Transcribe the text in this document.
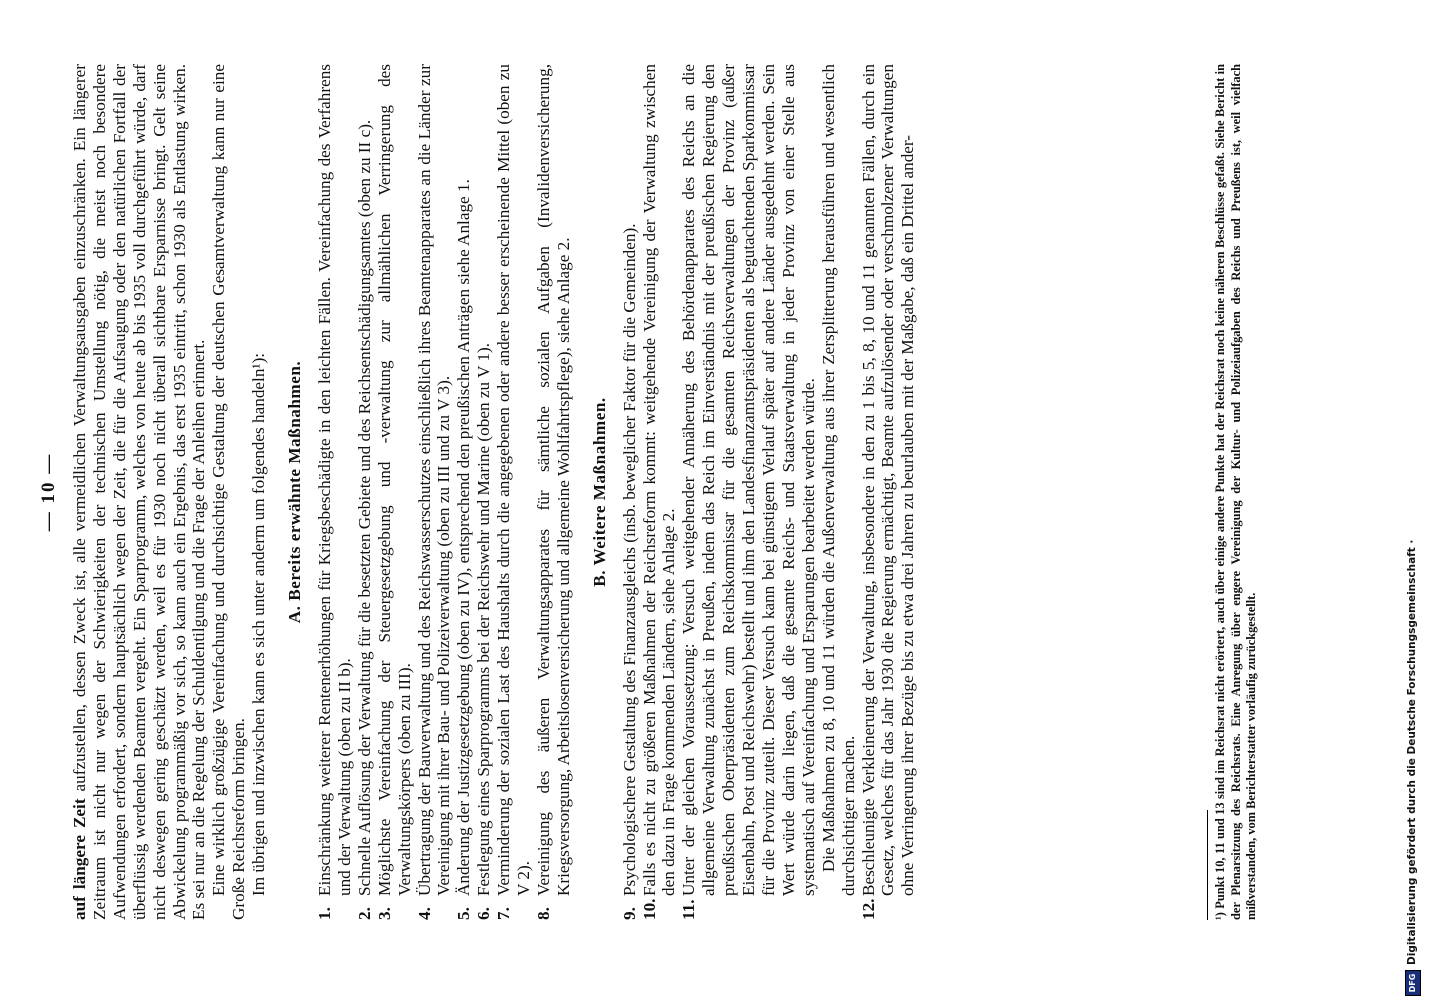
— 10 —

auf längere Zeit aufzustellen, dessen Zweck ist, alle vermeidlichen Verwaltungsausgaben einzuschränken. Ein längerer Zeitraum ist nicht nur wegen der Schwierigkeiten der technischen Umstellung nötig, die meist noch besondere Aufwendungen erfordert, sondern hauptsächlich wegen der Zeit, die für die Aufsaugung oder den natürlichen Fortfall der überflüssig werdenden Beamten vergeht. Ein Sparprogramm, welches von heute ab bis 1935 voll durchgeführt würde, darf nicht deswegen gering geschätzt werden, weil es für 1930 noch nicht überall sichtbare Ersparnisse bringt. Gelt seine Abwickelung programmäßig vor sich, so kann auch ein Ergebnis, das erst 1935 eintritt, schon 1930 als Entlastung wirken. Es sei nur an die Regelung der Schuldentilgung und die Frage der Anleihen erinnert. Eine wirklich großzügige Vereinfachung und durchsichtige Gestaltung der deutschen Gesamtverwaltung kann nur eine Große Reichsreform bringen. Im übrigen und inzwischen kann es sich unter anderm um folgendes handeln¹): A. Bereits erwähnte Maßnahmen.
1.
Einschränkung weiterer Rentenerhöhungen für Kriegsbeschädigte in den leichten Fällen. Vereinfachung des Verfahrens und der Verwaltung (oben zu II b).
2.
Schnelle Auflösung der Verwaltung für die besetzten Gebiete und des Reichsentschädigungsamtes (oben zu II c).
3.
Möglichste Vereinfachung der Steuergesetzgebung und -verwaltung zur allmählichen Verringerung des Verwaltungskörpers (oben zu III).
4.
Übertragung der Bauverwaltung und des Reichswasserschutzes einschließlich ihres Beamtenapparates an die Länder zur Vereinigung mit ihrer Bau- und Polizeiverwaltung (oben zu III und zu V 3).
5.
Änderung der Justizgesetzgebung (oben zu IV), entsprechend den preußischen Anträgen siehe Anlage 1.
6.
Festlegung eines Sparprogramms bei der Reichswehr und Marine (oben zu V 1).
7.
Verminderung der sozialen Last des Haushalts durch die angegebenen oder andere besser erscheinende Mittel (oben zu V 2).
8.
Vereinigung des äußeren Verwaltungsapparates für sämtliche sozialen Aufgaben (Invalidenversicherung, Kriegsversorgung, Arbeitslosenversicherung und allgemeine Wohlfahrtspflege), siehe Anlage 2. B. Weitere Maßnahmen.
9.
Psychologischere Gestaltung des Finanzausgleichs (insb. beweglicher Faktor für die Gemeinden).
10.
Falls es nicht zu größeren Maßnahmen der Reichsreform kommt: weitgehende Vereinigung der Verwaltung zwischen den dazu in Frage kommenden Ländern, siehe Anlage 2.
11.
Unter der gleichen Voraussetzung: Versuch weitgehender Annäherung des Behördenapparates des Reichs an die allgemeine Verwaltung zunächst in Preußen, indem das Reich im Einverständnis mit der preußischen Regierung den preußischen Oberpräsidenten zum Reichskommissar für die gesamten Reichsverwaltungen der Provinz (außer Eisenbahn, Post und Reichswehr) bestellt und ihm den Landesfinanzamtspräsidenten als begutachtenden Sparkommissar für die Provinz zuteilt. Dieser Versuch kann bei günstigem Verlauf später auf andere Länder ausgedehnt werden. Sein Wert würde darin liegen, daß die gesamte Reichs- und Staatsverwaltung in jeder Provinz von einer Stelle aus systematisch auf Vereinfachung und Ersparungen bearbeitet werden würde. Die Maßnahmen zu 8, 10 und 11 würden die Außenverwaltung aus ihrer Zersplitterung herausführen und wesentlich durchsichtiger machen.
12.
Beschleunigte Verkleinerung der Verwaltung, insbesondere in den zu 1 bis 5, 8, 10 und 11 genannten Fällen, durch ein Gesetz, welches für das Jahr 1930 die Regierung ermächtigt, Beamte aufzulösender oder verschmolzener Verwaltungen ohne Verringerung ihrer Bezüge bis zu etwa drei Jahren zu beurlauben mit der Maßgabe, daß ein Drittel ander-	¹) Punkt 10, 11 und 13 sind im Reichsrat nicht erörtert, auch über einige andere Punkte hat der Reichsrat noch keine näheren Beschlüsse gefaßt. Siehe Bericht in der Plenarsitzung des Reichsrats. Eine Anregung über engere Vereinigung der Kultur- und Polizeiaufgaben des Reichs und Preußens ist, weil vielfach mißverstanden, vom Berichterstatter vorläufig zurückgestellt.
DFG
Digitalisierung gefördert durch die Deutsche Forschungsgemeinschaft ·
